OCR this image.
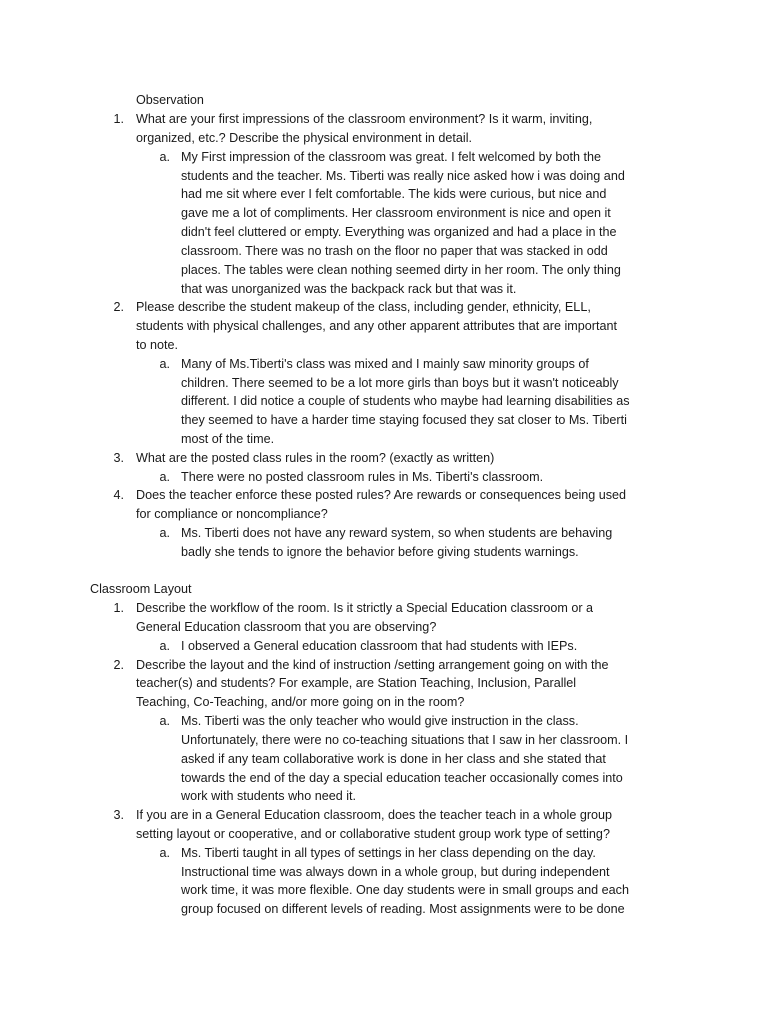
Observation
1. What are your first impressions of the classroom environment? Is it warm, inviting,
organized, etc.? Describe the physical environment in detail.
a. My First impression of the classroom was great. I felt welcomed by both the
students and the teacher. Ms. Tiberti was really nice asked how i was doing and
had me sit where ever I felt comfortable. The kids were curious, but nice and
gave me a lot of compliments. Her classroom environment is nice and open it
didn't feel cluttered or empty. Everything was organized and had a place in the
classroom. There was no trash on the floor no paper that was stacked in odd
places. The tables were clean nothing seemed dirty in her room. The only thing
that was unorganized was the backpack rack but that was it.
2. Please describe the student makeup of the class, including gender, ethnicity, ELL,
students with physical challenges, and any other apparent attributes that are important
to note.
a. Many of Ms.Tiberti's class was mixed and I mainly saw minority groups of
children. There seemed to be a lot more girls than boys but it wasn't noticeably
different. I did notice a couple of students who maybe had learning disabilities as
they seemed to have a harder time staying focused they sat closer to Ms. Tiberti
most of the time.
3. What are the posted class rules in the room? (exactly as written)
a. There were no posted classroom rules in Ms. Tiberti's classroom.
4. Does the teacher enforce these posted rules? Are rewards or consequences being used
for compliance or noncompliance?
a. Ms. Tiberti does not have any reward system, so when students are behaving
badly she tends to ignore the behavior before giving students warnings.
Classroom Layout
1. Describe the workflow of the room. Is it strictly a Special Education classroom or a
General Education classroom that you are observing?
a. I observed a General education classroom that had students with IEPs.
2. Describe the layout and the kind of instruction /setting arrangement going on with the
teacher(s) and students? For example, are Station Teaching, Inclusion, Parallel
Teaching, Co-Teaching, and/or more going on in the room?
a. Ms. Tiberti was the only teacher who would give instruction in the class.
Unfortunately, there were no co-teaching situations that I saw in her classroom. I
asked if any team collaborative work is done in her class and she stated that
towards the end of the day a special education teacher occasionally comes into
work with students who need it.
3. If you are in a General Education classroom, does the teacher teach in a whole group
setting layout or cooperative, and or collaborative student group work type of setting?
a. Ms. Tiberti taught in all types of settings in her class depending on the day.
Instructional time was always down in a whole group, but during independent
work time, it was more flexible. One day students were in small groups and each
group focused on different levels of reading. Most assignments were to be done
